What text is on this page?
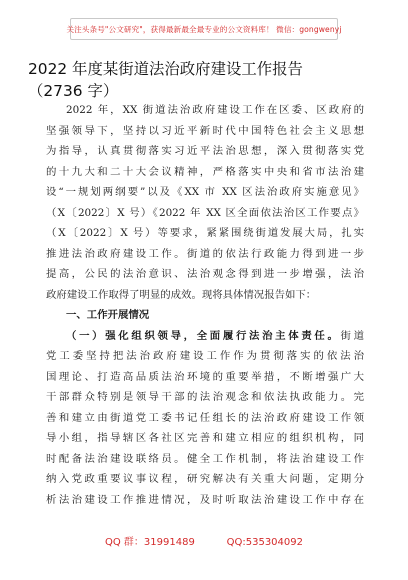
关注头条号"公文研究"，获得最新最全最专业的公文资料库！ 微信：gongwenyj
2022 年度某街道法治政府建设工作报告
（2736 字）
2022 年，XX 街道法治政府建设工作在区委、区政府的
坚强领导下，坚持以习近平新时代中国特色社会主义思想
为指导，认真贯彻落实习近平法治思想，深入贯彻落实党
的十九大和二十大会议精神，严格落实中央和省市法治建
设“一规划两纲要”以及《XX 市 XX 区法治政府实施意见》
（X〔2022〕X 号）《2022 年 XX 区全面依法治区工作要点》
（X〔2022〕X 号）等要求，紧紧围绕街道发展大局，扎实
推进法治政府建设工作。街道的依法行政能力得到进一步
提高，公民的法治意识、法治观念得到进一步增强，法治
政府建设工作取得了明显的成效。现将具体情况报告如下：
一、工作开展情况
（一）强化组织领导，全面履行法治主体责任。街道
党工委坚持把法治政府建设工作作为贯彻落实的依法治
国理论、打造高品质法治环境的重要举措，不断增强广大
干部群众特别是领导干部的法治观念和依法执政能力。完
善和建立由街道党工委书记任组长的法治政府建设工作领
导小组，指导辖区各社区完善和建立相应的组织机构，同
时配备法治建设联络员。健全工作机制，将法治建设工作
纳入党政重要议事议程，研究解决有关重大问题，定期分
析法治建设工作推进情况，及时听取法治建设工作中存在
QQ 群：31991489	QQ:535304092
